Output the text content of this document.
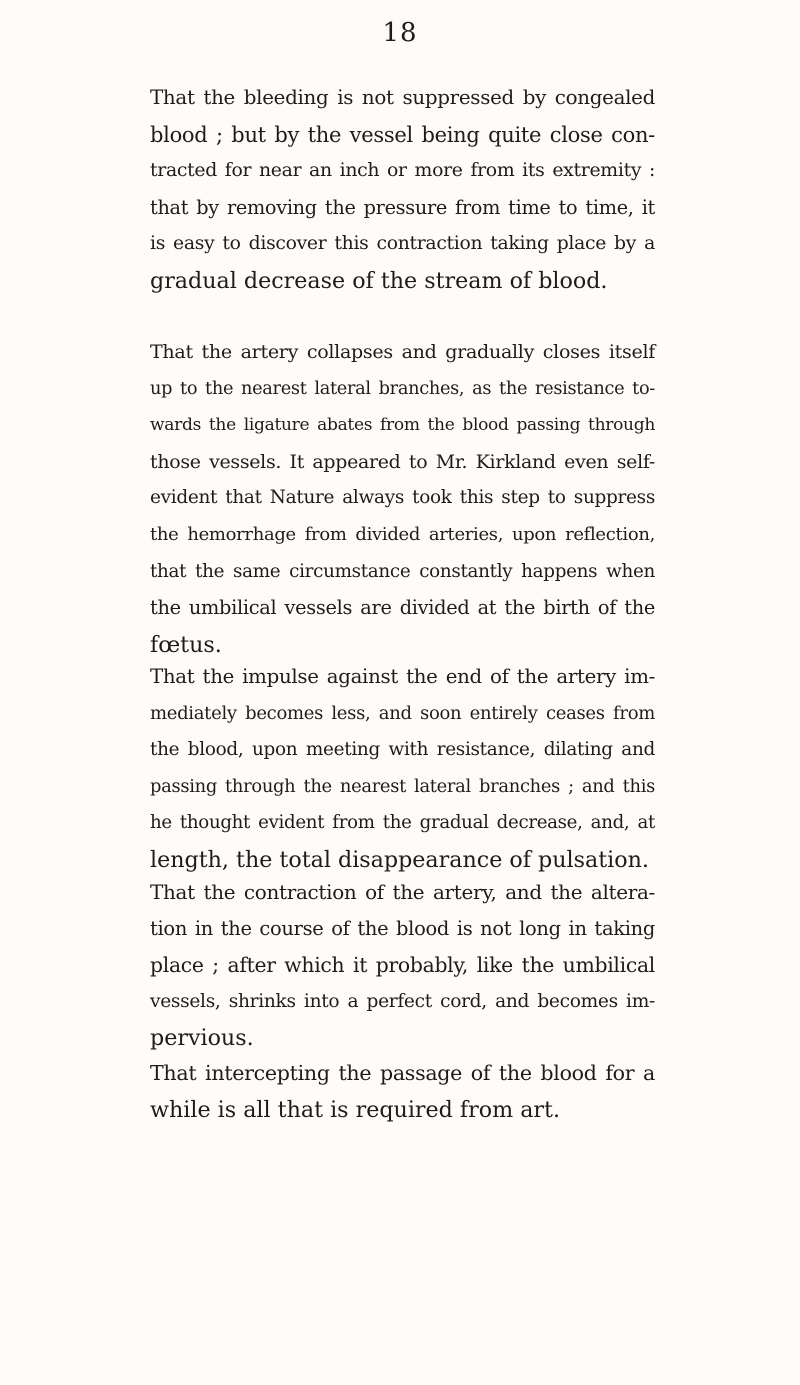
18

That the bleeding is not suppressed by congealed
blood ; but by the vessel being quite close con-
tracted for near an inch or more from its extremity :
that by removing the pressure from time to time, it
is easy to discover this contraction taking place by a
gradual decrease of the stream of blood.

That the artery collapses and gradually closes itself
up to the nearest lateral branches, as the resistance to-
wards the ligature abates from the blood passing through
those vessels. It appeared to Mr. Kirkland even self-
evident that Nature always took this step to suppress
the hemorrhage from divided arteries, upon reflection,
that the same circumstance constantly happens when
the umbilical vessels are divided at the birth of the
fœtus.

That the impulse against the end of the artery im-
mediately becomes less, and soon entirely ceases from
the blood, upon meeting with resistance, dilating and
passing through the nearest lateral branches ; and this
he thought evident from the gradual decrease, and, at
length, the total disappearance of pulsation.

That the contraction of the artery, and the altera-
tion in the course of the blood is not long in taking
place ; after which it probably, like the umbilical
vessels, shrinks into a perfect cord, and becomes im-
pervious.

That intercepting the passage of the blood for a
while is all that is required from art.
